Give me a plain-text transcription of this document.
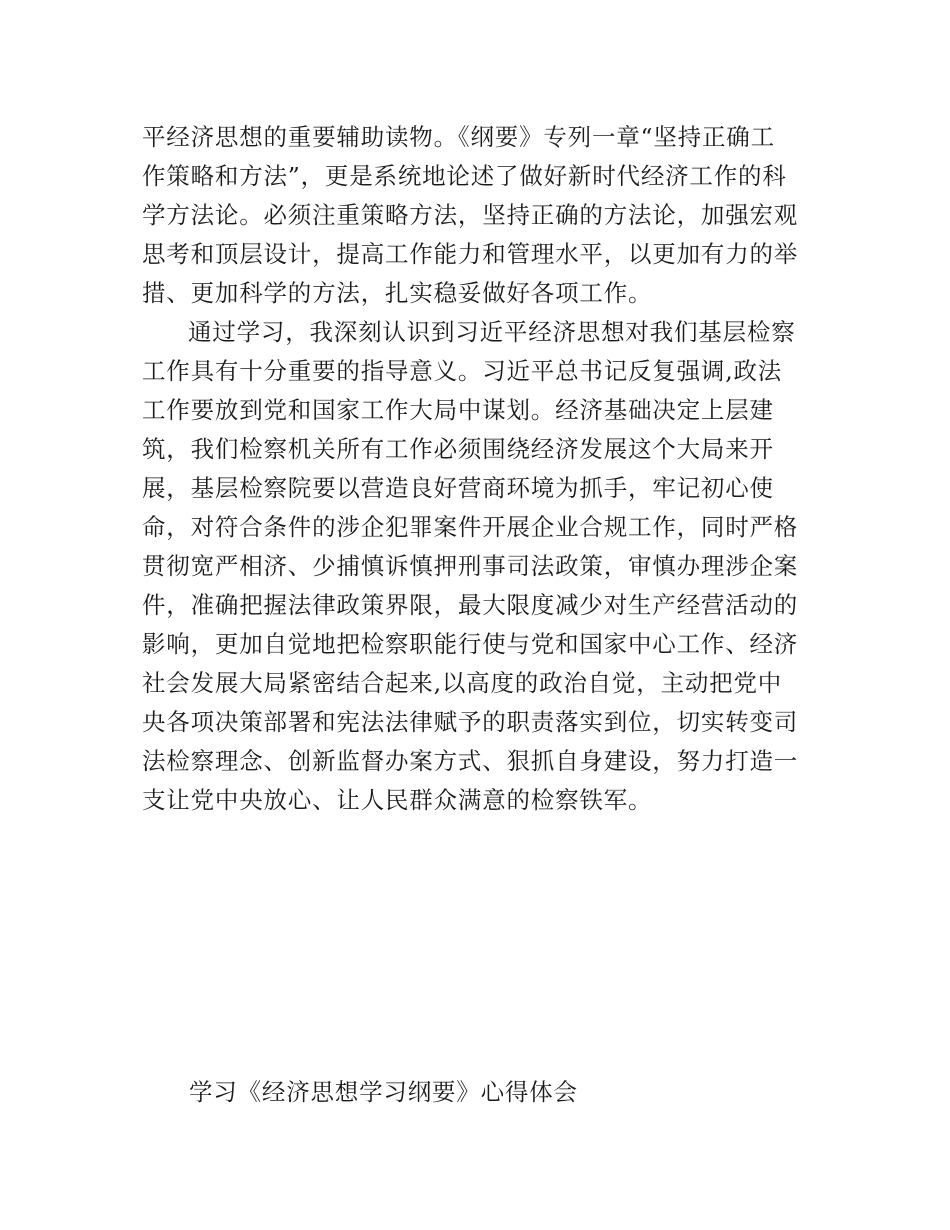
平经济思想的重要辅助读物。《纲要》专列一章“坚持正确工
作策略和方法”，更是系统地论述了做好新时代经济工作的科
学方法论。必须注重策略方法，坚持正确的方法论，加强宏观
思考和顶层设计，提高工作能力和管理水平，以更加有力的举
措、更加科学的方法，扎实稳妥做好各项工作。
通过学习，我深刻认识到习近平经济思想对我们基层检察
工作具有十分重要的指导意义。习近平总书记反复强调,政法
工作要放到党和国家工作大局中谋划。经济基础决定上层建
筑，我们检察机关所有工作必须围绕经济发展这个大局来开
展，基层检察院要以营造良好营商环境为抓手，牢记初心使
命，对符合条件的涉企犯罪案件开展企业合规工作，同时严格
贯彻宽严相济、少捕慎诉慎押刑事司法政策，审慎办理涉企案
件，准确把握法律政策界限，最大限度减少对生产经营活动的
影响，更加自觉地把检察职能行使与党和国家中心工作、经济
社会发展大局紧密结合起来,以高度的政治自觉，主动把党中
央各项决策部署和宪法法律赋予的职责落实到位，切实转变司
法检察理念、创新监督办案方式、狠抓自身建设，努力打造一
支让党中央放心、让人民群众满意的检察铁军。
学习《经济思想学习纲要》心得体会
